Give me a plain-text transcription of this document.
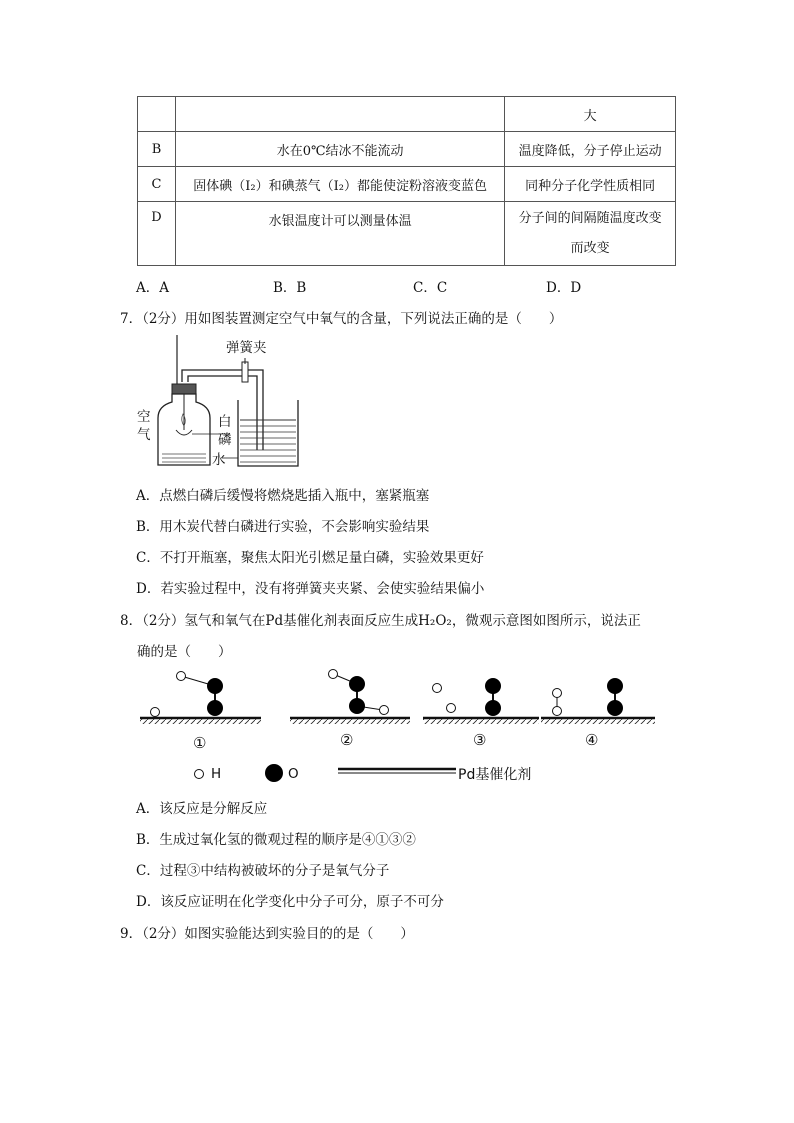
		大
B	水在0℃结冰不能流动	温度降低，分子停止运动
C	固体碘（I₂）和碘蒸气（I₂）都能使淀粉溶液变蓝色	同种分子化学性质相同
D	水银温度计可以测量体温	分子间的间隔随温度改变
而改变
A．A	B．B	C．C	D．D
7．（2分）用如图装置测定空气中氧气的含量，下列说法正确的是（　　）
弹簧夹
空
气
白
磷
水
A．点燃白磷后缓慢将燃烧匙插入瓶中，塞紧瓶塞
B．用木炭代替白磷进行实验，不会影响实验结果
C．不打开瓶塞，聚焦太阳光引燃足量白磷，实验效果更好
D．若实验过程中，没有将弹簧夹夹紧、会使实验结果偏小
8．（2分）氢气和氧气在Pd基催化剂表面反应生成H₂O₂，微观示意图如图所示，说法正
确的是（　　）
①	②	③	④
H	O	Pd基催化剂
A．该反应是分解反应
B．生成过氧化氢的微观过程的顺序是④①③②
C．过程③中结构被破坏的分子是氧气分子
D．该反应证明在化学变化中分子可分，原子不可分
9．（2分）如图实验能达到实验目的的是（　　）
